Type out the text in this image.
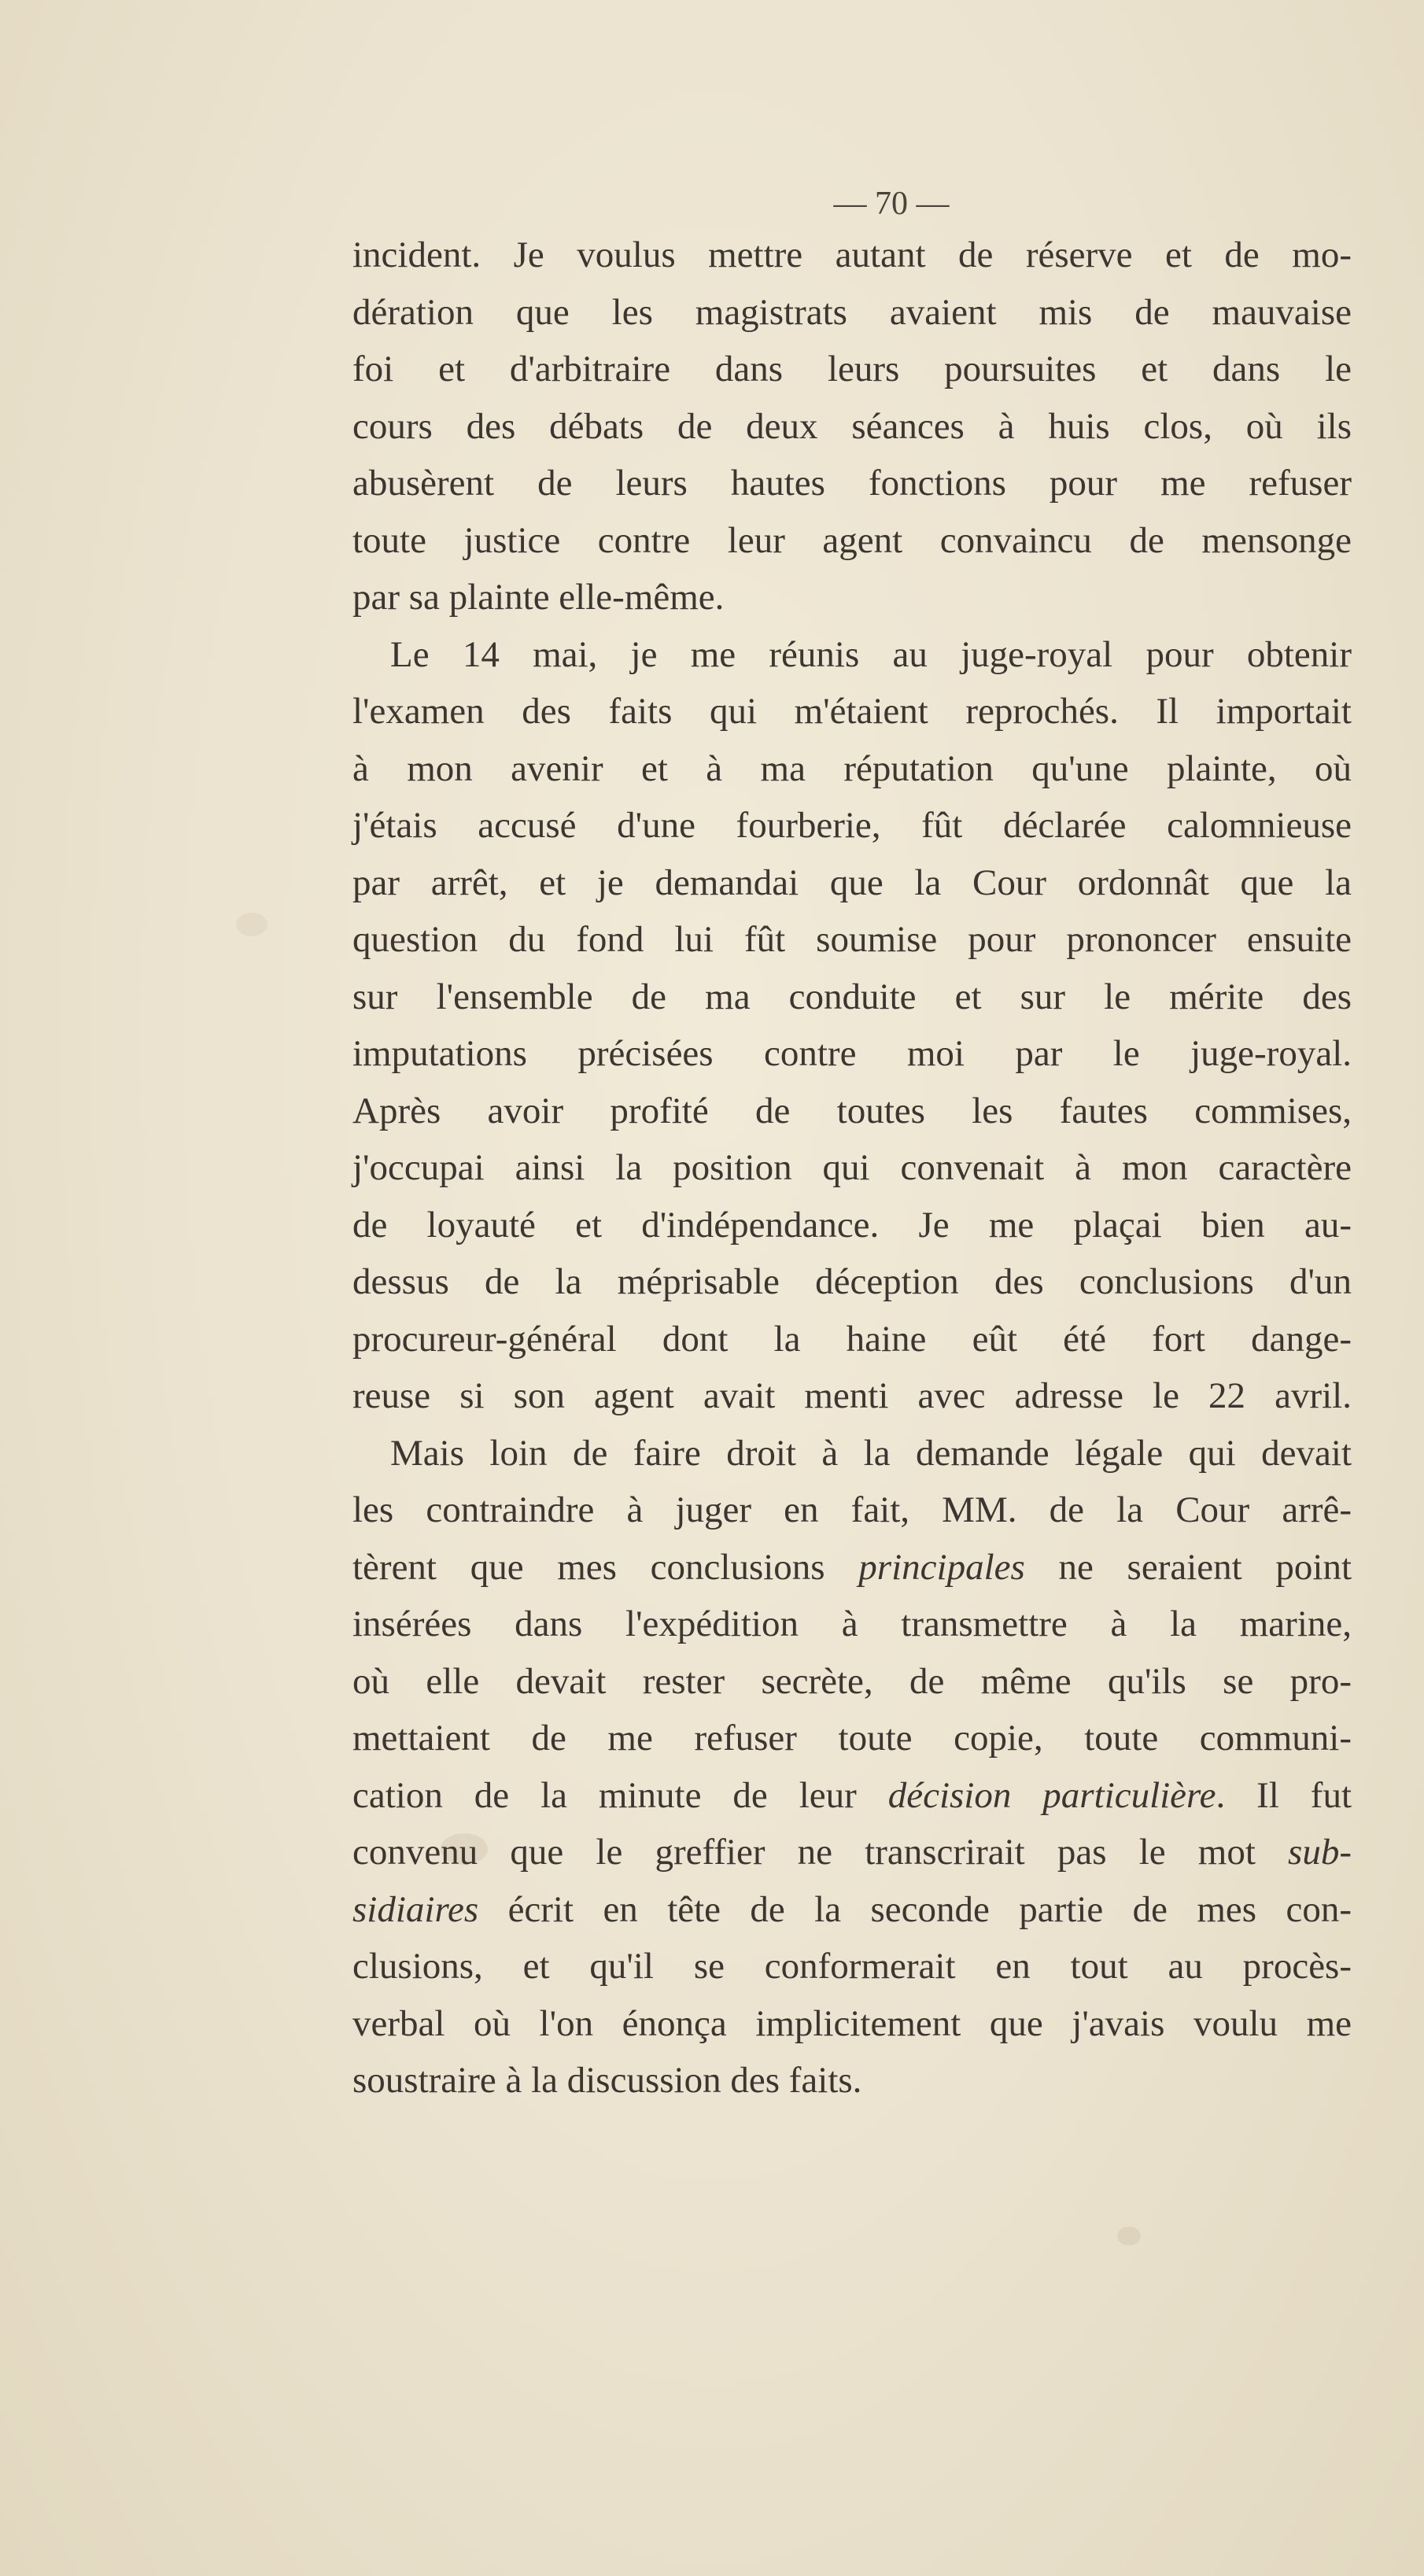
— 70 —
incident. Je voulus mettre autant de réserve et de mo-
dération que les magistrats avaient mis de mauvaise
foi et d'arbitraire dans leurs poursuites et dans le
cours des débats de deux séances à huis clos, où ils
abusèrent de leurs hautes fonctions pour me refuser
toute justice contre leur agent convaincu de mensonge
par sa plainte elle-même.
Le 14 mai, je me réunis au juge-royal pour obtenir
l'examen des faits qui m'étaient reprochés. Il importait
à mon avenir et à ma réputation qu'une plainte, où
j'étais accusé d'une fourberie, fût déclarée calomnieuse
par arrêt, et je demandai que la Cour ordonnât que la
question du fond lui fût soumise pour prononcer ensuite
sur l'ensemble de ma conduite et sur le mérite des
imputations précisées contre moi par le juge-royal.
Après avoir profité de toutes les fautes commises,
j'occupai ainsi la position qui convenait à mon caractère
de loyauté et d'indépendance. Je me plaçai bien au-
dessus de la méprisable déception des conclusions d'un
procureur-général dont la haine eût été fort dange-
reuse si son agent avait menti avec adresse le 22 avril.
Mais loin de faire droit à la demande légale qui devait
les contraindre à juger en fait, MM. de la Cour arrê-
tèrent que mes conclusions principales ne seraient point
insérées dans l'expédition à transmettre à la marine,
où elle devait rester secrète, de même qu'ils se pro-
mettaient de me refuser toute copie, toute communi-
cation de la minute de leur décision particulière. Il fut
convenu que le greffier ne transcrirait pas le mot sub-
sidiaires écrit en tête de la seconde partie de mes con-
clusions, et qu'il se conformerait en tout au procès-
verbal où l'on énonça implicitement que j'avais voulu me
soustraire à la discussion des faits.
